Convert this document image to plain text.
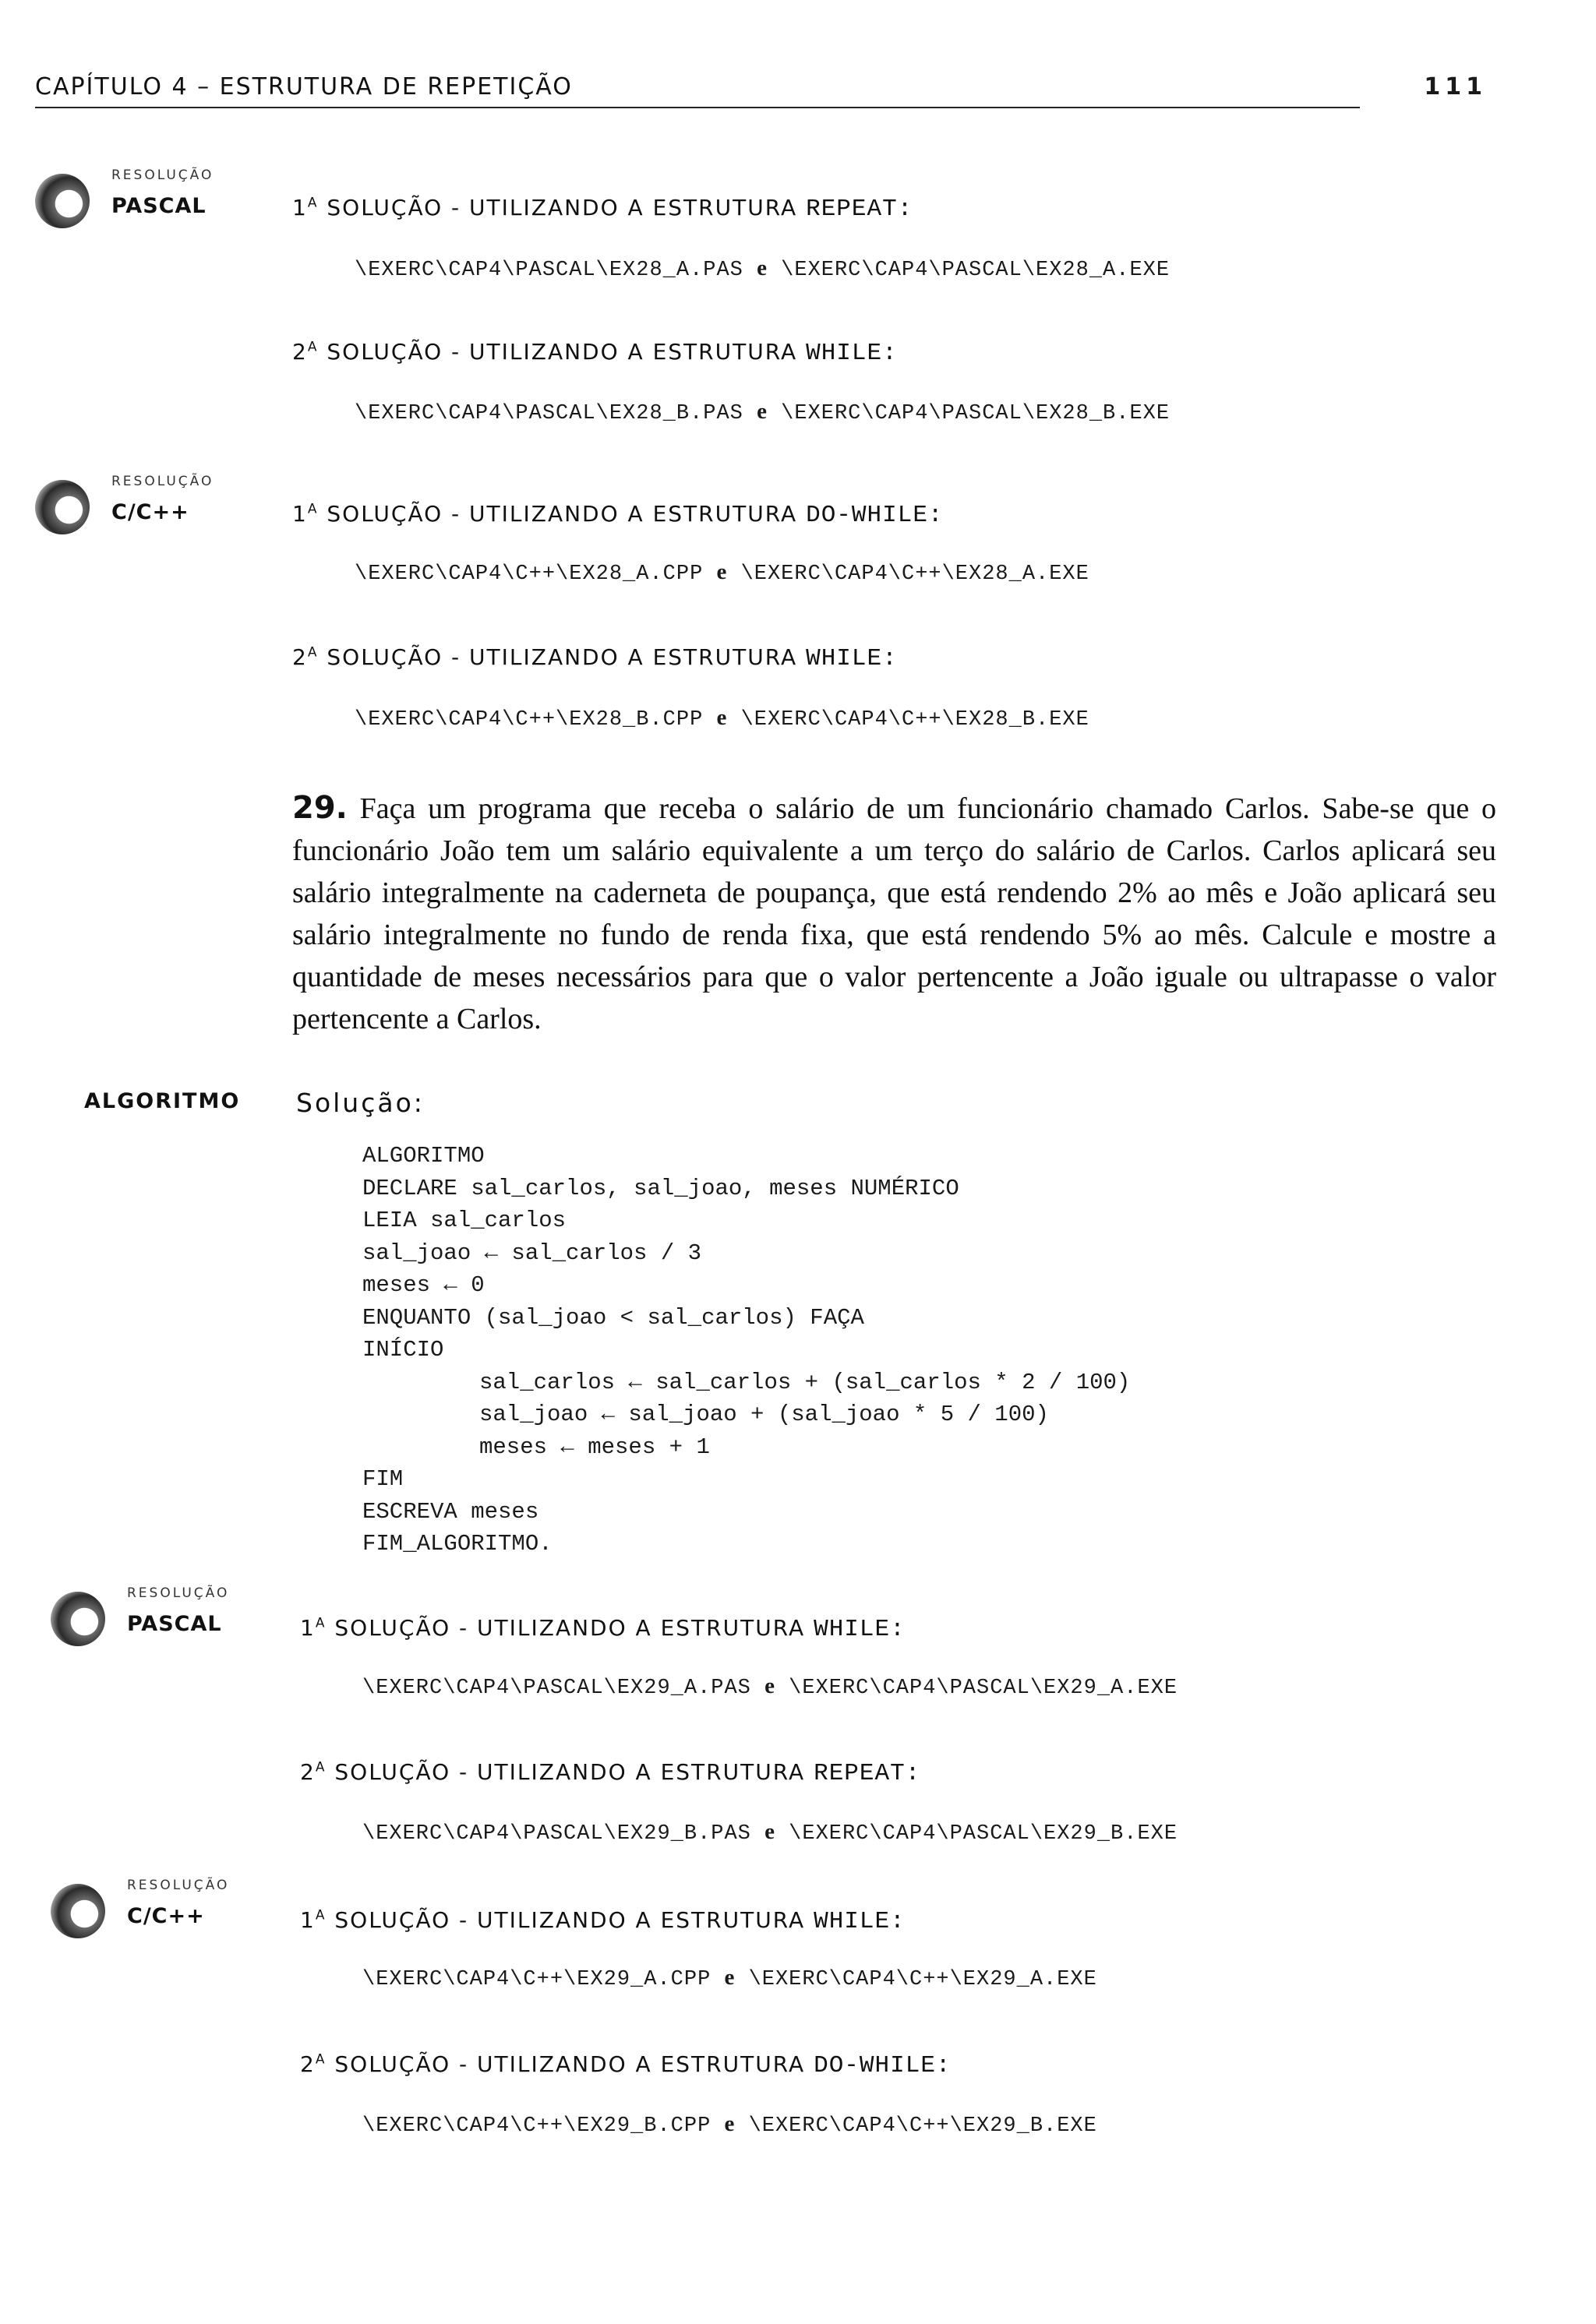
CAPÍTULO 4 – ESTRUTURA DE REPETIÇÃO	111
RESOLUÇÃO
PASCAL	$1^A$ SOLUÇÃO - UTILIZANDO A ESTRUTURA REPEAT:
\EXERC\CAP4\PASCAL\EX28_A.PAS e \EXERC\CAP4\PASCAL\EX28_A.EXE
$2^A$ SOLUÇÃO - UTILIZANDO A ESTRUTURA WHILE:
\EXERC\CAP4\PASCAL\EX28_B.PAS e \EXERC\CAP4\PASCAL\EX28_B.EXE
RESOLUÇÃO
C/C++	$1^A$ SOLUÇÃO - UTILIZANDO A ESTRUTURA DO-WHILE:
\EXERC\CAP4\C++\EX28_A.CPP e \EXERC\CAP4\C++\EX28_A.EXE
$2^A$ SOLUÇÃO - UTILIZANDO A ESTRUTURA WHILE:
\EXERC\CAP4\C++\EX28_B.CPP e \EXERC\CAP4\C++\EX28_B.EXE
29. Faça um programa que receba o salário de um funcionário chamado Carlos. Sabe-se que o funcionário João tem um salário equivalente a um terço do salário de Carlos. Carlos aplicará seu salário integralmente na caderneta de poupança, que está rendendo 2% ao mês e João aplicará seu salário integralmente no fundo de renda fixa, que está rendendo 5% ao mês. Calcule e mostre a quantidade de meses necessários para que o valor pertencente a João iguale ou ultrapasse o valor pertencente a Carlos.
ALGORITMO Solução:
ALGORITMO
DECLARE sal_carlos, sal_joao, meses NUMÉRICO
LEIA sal_carlos
sal_joao ← sal_carlos / 3
meses ← 0
ENQUANTO (sal_joao < sal_carlos) FAÇA
INÍCIO
sal_carlos ← sal_carlos + (sal_carlos * 2 / 100)
sal_joao ← sal_joao + (sal_joao * 5 / 100)
meses ← meses + 1
FIM
ESCREVA meses
FIM_ALGORITMO.
RESOLUÇÃO
PASCAL	$1^A$ SOLUÇÃO - UTILIZANDO A ESTRUTURA WHILE:
\EXERC\CAP4\PASCAL\EX29_A.PAS e \EXERC\CAP4\PASCAL\EX29_A.EXE
$2^A$ SOLUÇÃO - UTILIZANDO A ESTRUTURA REPEAT:
\EXERC\CAP4\PASCAL\EX29_B.PAS e \EXERC\CAP4\PASCAL\EX29_B.EXE
RESOLUÇÃO
C/C++	$1^A$ SOLUÇÃO - UTILIZANDO A ESTRUTURA WHILE:
\EXERC\CAP4\C++\EX29_A.CPP e \EXERC\CAP4\C++\EX29_A.EXE
$2^A$ SOLUÇÃO - UTILIZANDO A ESTRUTURA DO-WHILE:
\EXERC\CAP4\C++\EX29_B.CPP e \EXERC\CAP4\C++\EX29_B.EXE
